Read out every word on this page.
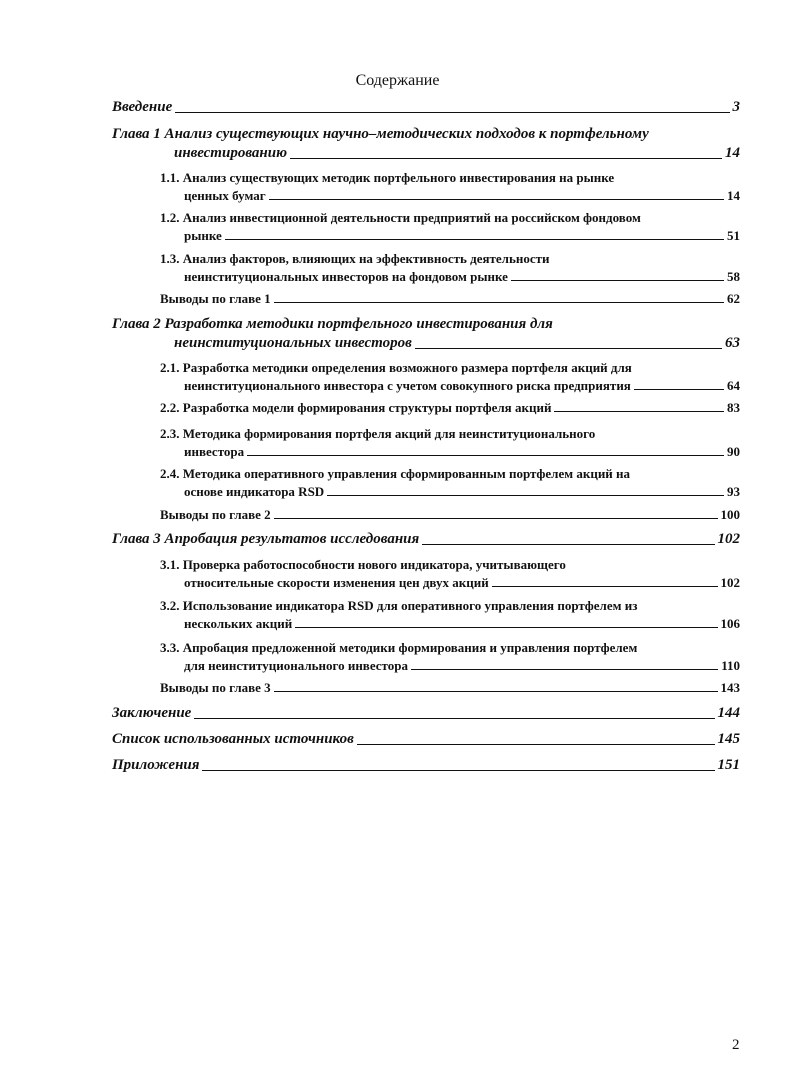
Содержание
Введение	3
Глава 1 Анализ существующих научно–методических подходов к портфельному
инвестированию	14
1.1. Анализ существующих методик портфельного инвестирования на рынке
ценных бумаг	14
1.2. Анализ инвестиционной деятельности предприятий на российском фондовом
рынке	51
1.3. Анализ факторов, влияющих на эффективность деятельности
неинституциональных инвесторов на фондовом рынке	58
Выводы по главе 1	62
Глава 2 Разработка методики портфельного инвестирования для
неинституциональных инвесторов	63
2.1. Разработка методики определения возможного размера портфеля акций для
неинституционального инвестора с учетом совокупного риска предприятия	64
2.2. Разработка модели формирования структуры портфеля акций	83
2.3. Методика формирования портфеля акций для неинституционального
инвестора	90
2.4. Методика оперативного управления сформированным портфелем акций на
основе индикатора RSD	93
Выводы по главе 2	100
Глава 3 Апробация результатов исследования	102
3.1. Проверка работоспособности нового индикатора, учитывающего
относительные скорости изменения цен двух акций	102
3.2. Использование индикатора RSD для оперативного управления портфелем из
нескольких акций	106
3.3. Апробация предложенной методики формирования и управления портфелем
для неинституционального инвестора	110
Выводы по главе 3	143
Заключение	144
Список использованных источников	145
Приложения	151
2
